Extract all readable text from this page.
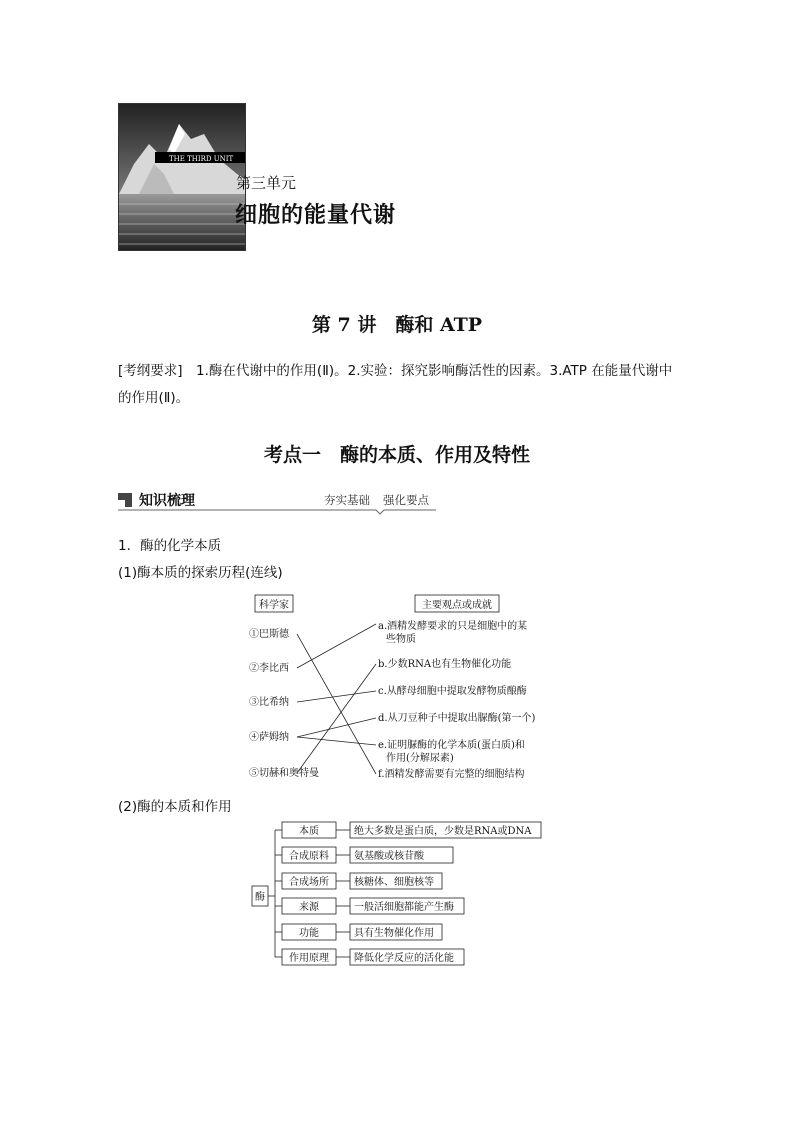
THE THIRD UNIT
第三单元
细胞的能量代谢
第 7 讲　酶和 ATP
[考纲要求]　1.酶在代谢中的作用(Ⅱ)。2.实验：探究影响酶活性的因素。3.ATP 在能量代谢中的作用(Ⅱ)。
考点一　酶的本质、作用及特性
知识梳理	夯实基础 强化要点
1．酶的化学本质
(1)酶本质的探索历程(连线)
科学家	主要观点或成就
①巴斯德
②李比西
③比希纳
④萨姆纳
⑤切赫和奥特曼
a.酒精发酵要求的只是细胞中的某
些物质
b.少数RNA也有生物催化功能
c.从酵母细胞中提取发酵物质酿酶
d.从刀豆种子中提取出脲酶(第一个)
e.证明脲酶的化学本质(蛋白质)和
作用(分解尿素)
f.酒精发酵需要有完整的细胞结构
(2)酶的本质和作用
酶
本质	绝大多数是蛋白质，少数是RNA或DNA
合成原料	氨基酸或核苷酸
合成场所	核糖体、细胞核等
来源	一般活细胞都能产生酶
功能	具有生物催化作用
作用原理	降低化学反应的活化能
